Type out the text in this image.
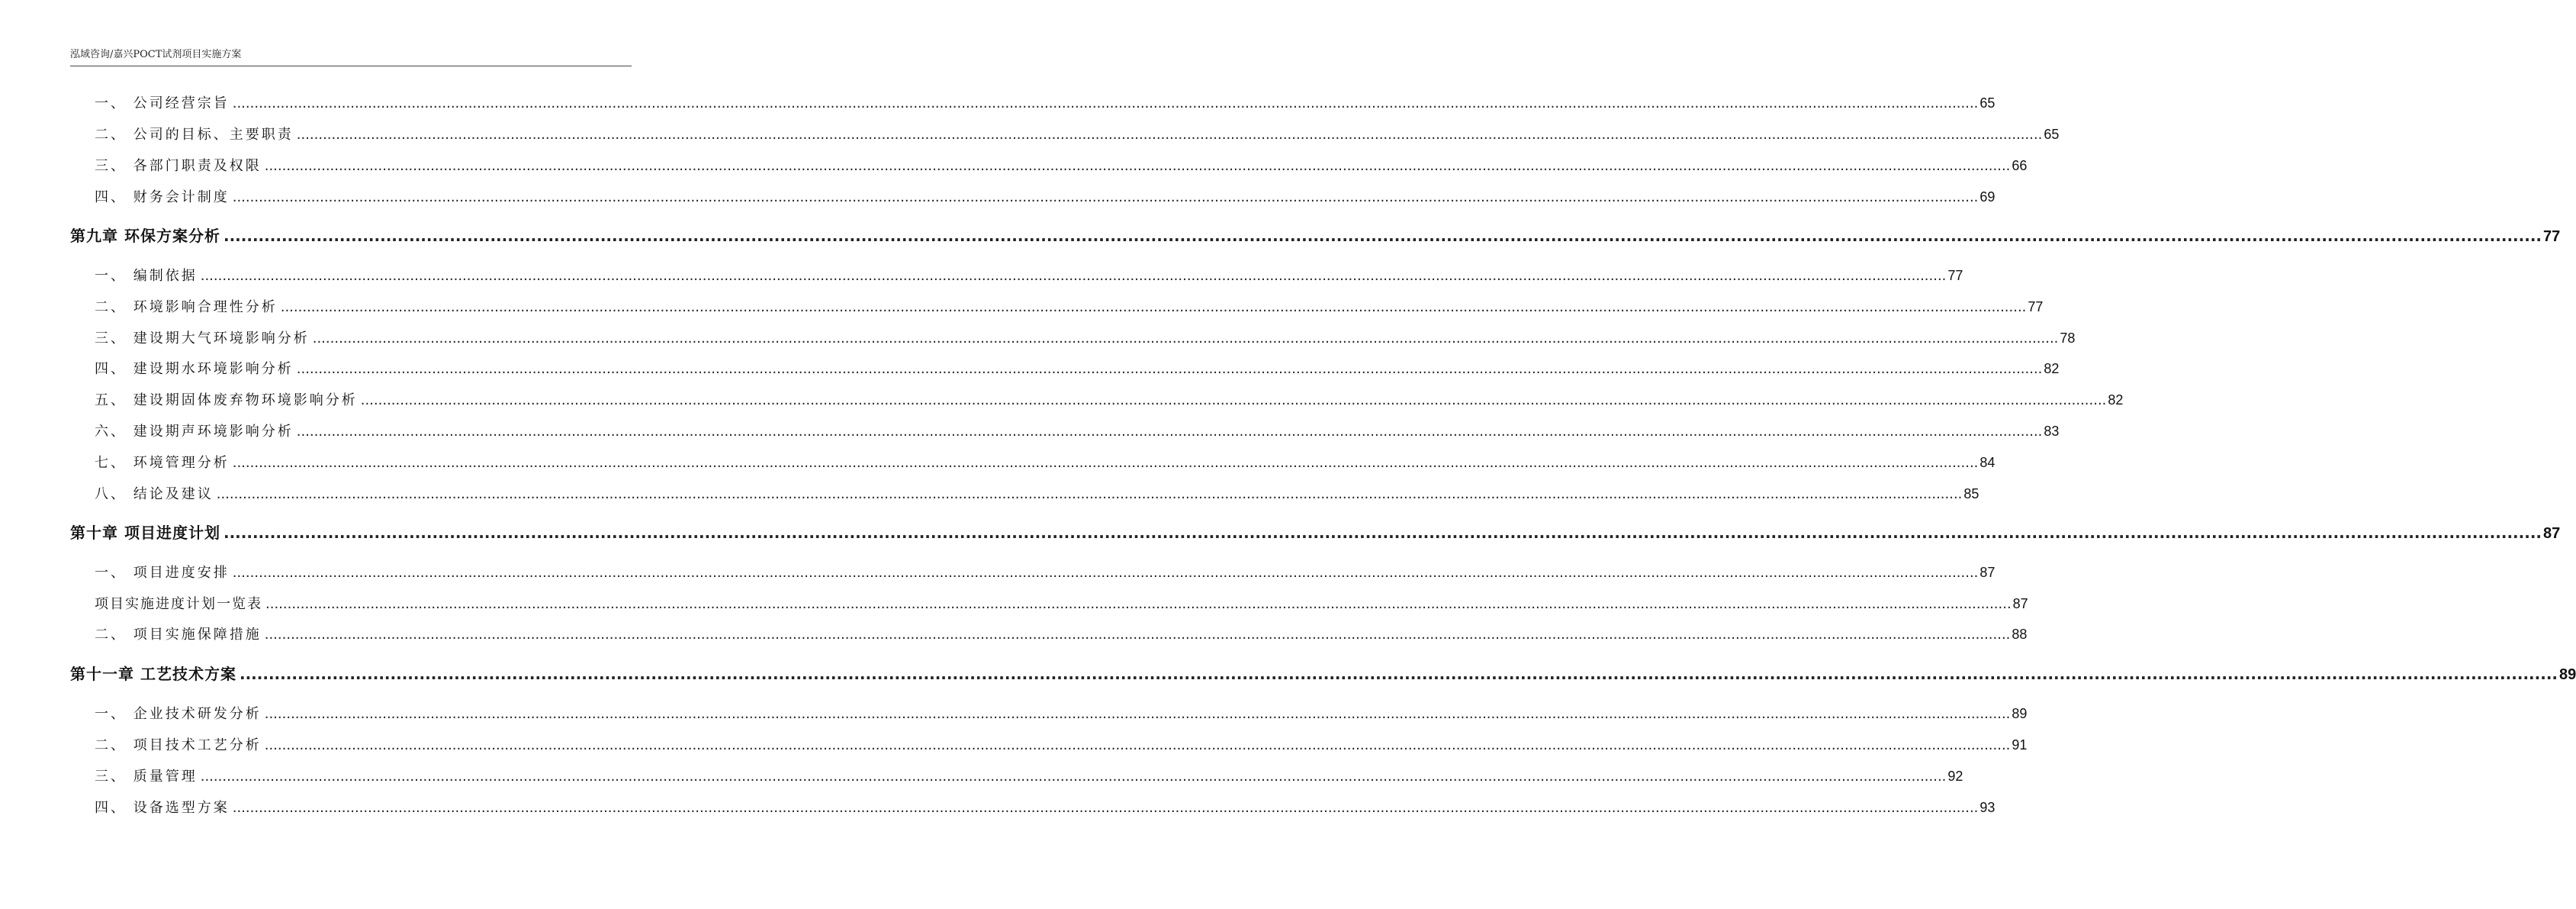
泓域咨询/嘉兴POCT试剂项目实施方案
一、 公司经营宗旨 ................................................................................................................................................................................................................................................................................................................................................................................................................ 65
二、 公司的目标、主要职责 ................................................................................................................................................................................................................................................................................................................................................................................................................ 65
三、 各部门职责及权限 ................................................................................................................................................................................................................................................................................................................................................................................................................ 66
四、 财务会计制度 ................................................................................................................................................................................................................................................................................................................................................................................................................ 69
第九章 环保方案分析 ................................................................................................................................................................................................................................................................................................................................................................................................................ 77
一、 编制依据 ................................................................................................................................................................................................................................................................................................................................................................................................................ 77
二、 环境影响合理性分析 ................................................................................................................................................................................................................................................................................................................................................................................................................ 77
三、 建设期大气环境影响分析 ................................................................................................................................................................................................................................................................................................................................................................................................................ 78
四、 建设期水环境影响分析 ................................................................................................................................................................................................................................................................................................................................................................................................................ 82
五、 建设期固体废弃物环境影响分析 ................................................................................................................................................................................................................................................................................................................................................................................................................ 82
六、 建设期声环境影响分析 ................................................................................................................................................................................................................................................................................................................................................................................................................ 83
七、 环境管理分析 ................................................................................................................................................................................................................................................................................................................................................................................................................ 84
八、 结论及建议 ................................................................................................................................................................................................................................................................................................................................................................................................................ 85
第十章 项目进度计划 ................................................................................................................................................................................................................................................................................................................................................................................................................ 87
一、 项目进度安排 ................................................................................................................................................................................................................................................................................................................................................................................................................ 87
项目实施进度计划一览表 ................................................................................................................................................................................................................................................................................................................................................................................................................ 87
二、 项目实施保障措施 ................................................................................................................................................................................................................................................................................................................................................................................................................ 88
第十一章 工艺技术方案 ................................................................................................................................................................................................................................................................................................................................................................................................................ 89
一、 企业技术研发分析 ................................................................................................................................................................................................................................................................................................................................................................................................................ 89
二、 项目技术工艺分析 ................................................................................................................................................................................................................................................................................................................................................................................................................ 91
三、 质量管理 ................................................................................................................................................................................................................................................................................................................................................................................................................ 92
四、 设备选型方案 ................................................................................................................................................................................................................................................................................................................................................................................................................ 93
